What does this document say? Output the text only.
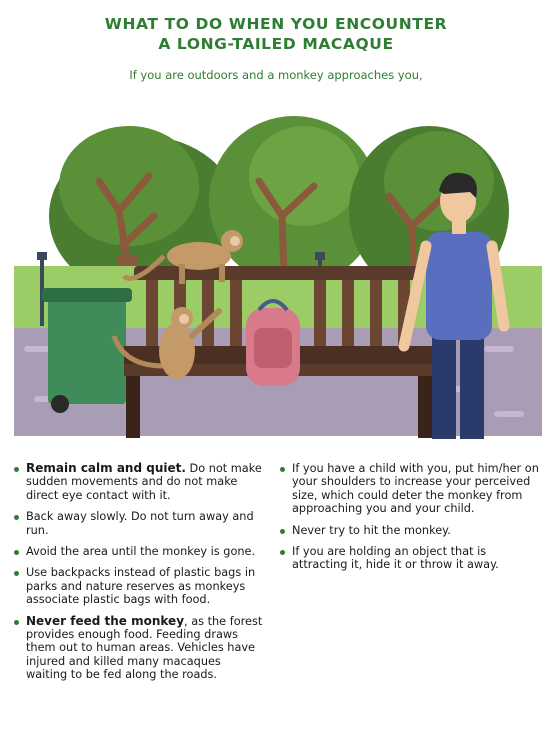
WHAT TO DO WHEN YOU ENCOUNTER
A LONG-TAILED MACAQUE
If you are outdoors and a monkey approaches you,
Remain calm and quiet. Do not make sudden movements and do not make direct eye contact with it.
Back away slowly. Do not turn away and run.
Avoid the area until the monkey is gone.
Use backpacks instead of plastic bags in parks and nature reserves as monkeys associate plastic bags with food.
Never feed the monkey, as the forest provides enough food. Feeding draws them out to human areas. Vehicles have injured and killed many macaques waiting to be fed along the roads.
If you have a child with you, put him/her on your shoulders to increase your perceived size, which could deter the monkey from approaching you and your child.
Never try to hit the monkey.
If you are holding an object that is attracting it, hide it or throw it away.
